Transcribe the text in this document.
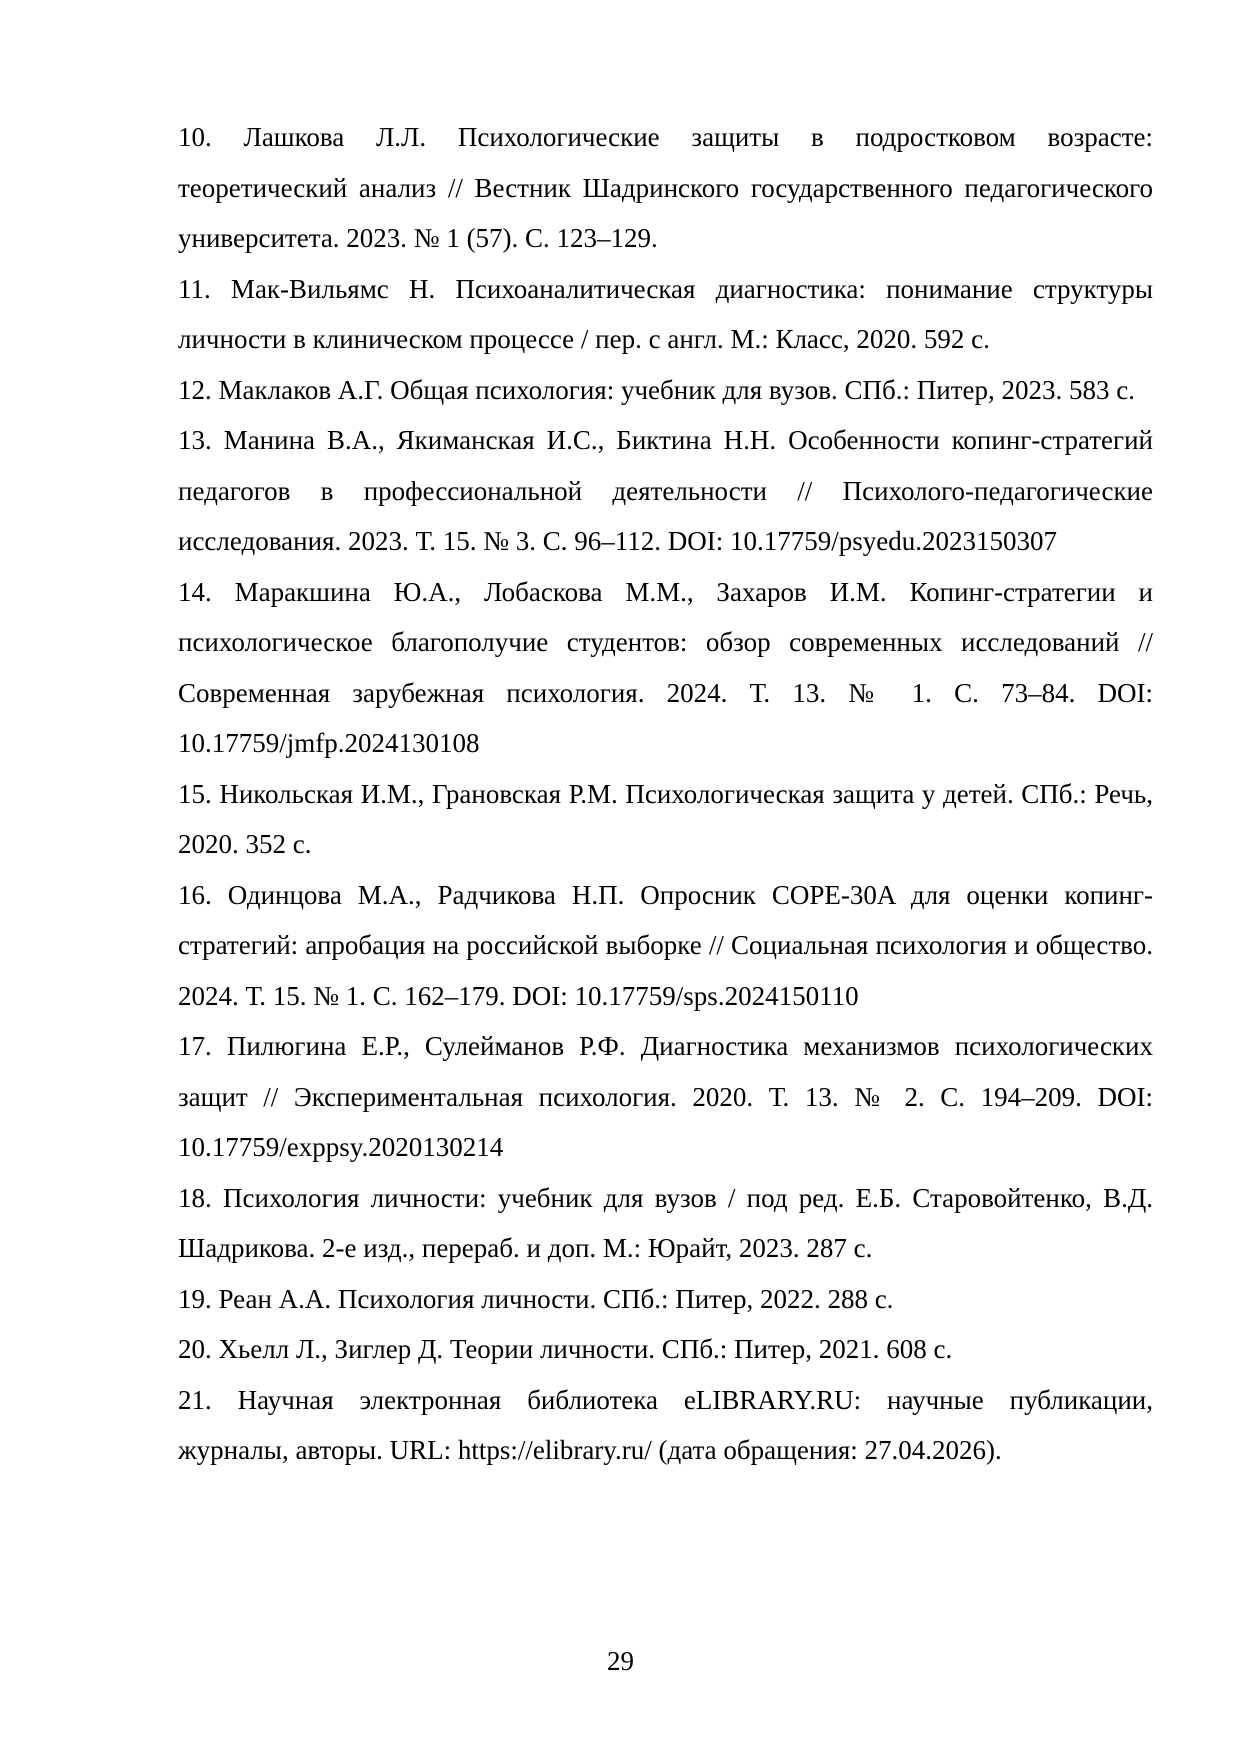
10. Лашкова Л.Л. Психологические защиты в подростковом возрасте: теоретический анализ // Вестник Шадринского государственного педагогического университета. 2023. № 1 (57). С. 123–129.

11. Мак-Вильямс Н. Психоаналитическая диагностика: понимание структуры личности в клиническом процессе / пер. с англ. М.: Класс, 2020. 592 с.

12. Маклаков А.Г. Общая психология: учебник для вузов. СПб.: Питер, 2023. 583 с.

13. Манина В.А., Якиманская И.С., Биктина Н.Н. Особенности копинг-стратегий педагогов в профессиональной деятельности // Психолого-педагогические исследования. 2023. Т. 15. № 3. С. 96–112. DOI: 10.17759/psyedu.2023150307

14. Маракшина Ю.А., Лобаскова М.М., Захаров И.М. Копинг-стратегии и психологическое благополучие студентов: обзор современных исследований // Современная зарубежная психология. 2024. Т. 13. № 1. С. 73–84. DOI: 10.17759/jmfp.2024130108

15. Никольская И.М., Грановская Р.М. Психологическая защита у детей. СПб.: Речь, 2020. 352 с.

16. Одинцова М.А., Радчикова Н.П. Опросник COPE-30A для оценки копинг-стратегий: апробация на российской выборке // Социальная психология и общество. 2024. Т. 15. № 1. С. 162–179. DOI: 10.17759/sps.2024150110

17. Пилюгина Е.Р., Сулейманов Р.Ф. Диагностика механизмов психологических защит // Экспериментальная психология. 2020. Т. 13. № 2. С. 194–209. DOI: 10.17759/exppsy.2020130214

18. Психология личности: учебник для вузов / под ред. Е.Б. Старовойтенко, В.Д. Шадрикова. 2-е изд., перераб. и доп. М.: Юрайт, 2023. 287 с.

19. Реан А.А. Психология личности. СПб.: Питер, 2022. 288 с.

20. Хьелл Л., Зиглер Д. Теории личности. СПб.: Питер, 2021. 608 с.

21. Научная электронная библиотека eLIBRARY.RU: научные публикации, журналы, авторы. URL: https://elibrary.ru/ (дата обращения: 27.04.2026).

29
